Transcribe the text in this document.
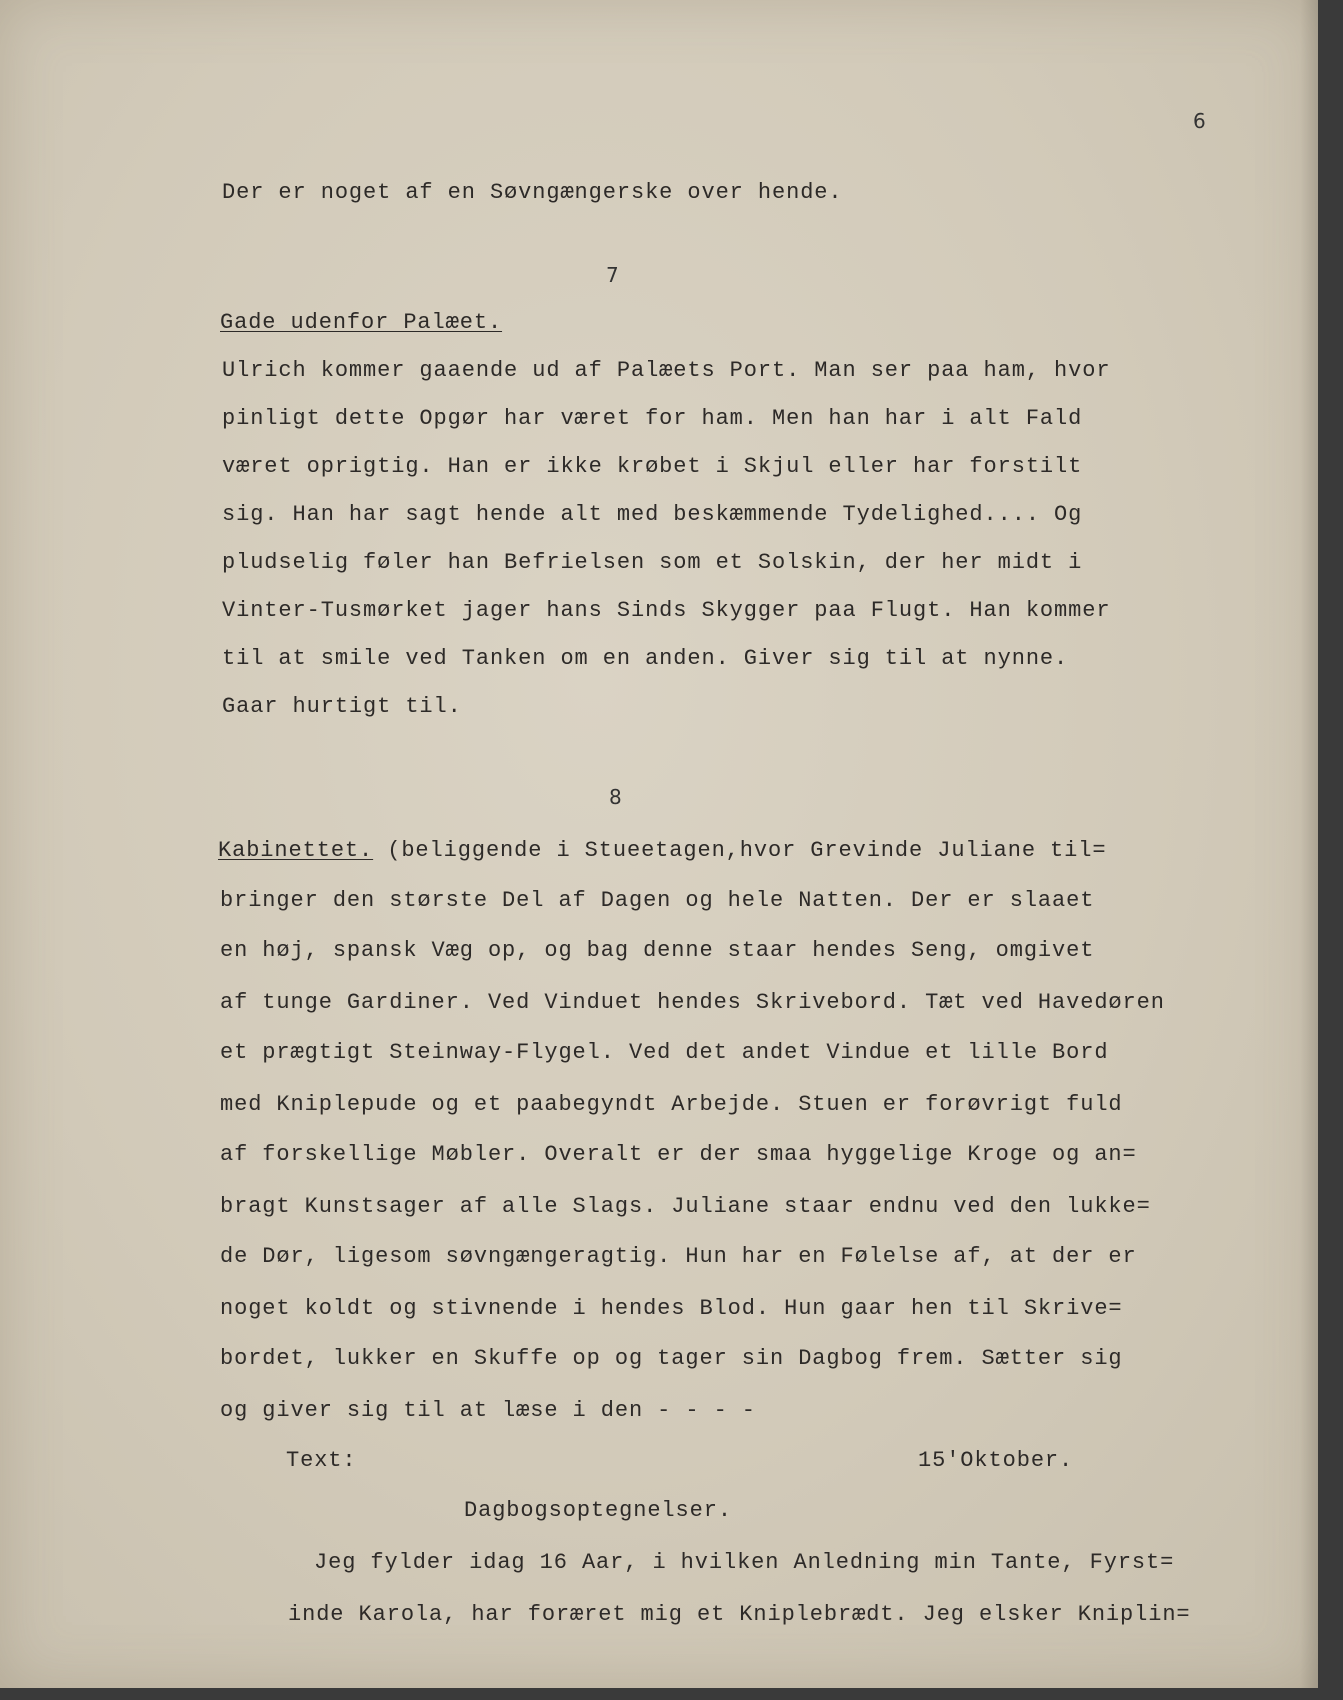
6
Der er noget af en Søvngængerske over hende.
7
Gade udenfor Palæet.
Ulrich kommer gaaende ud af Palæets Port. Man ser paa ham, hvor
pinligt dette Opgør har været for ham. Men han har i alt Fald
været oprigtig. Han er ikke krøbet i Skjul eller har forstilt
sig. Han har sagt hende alt med beskæmmende Tydelighed.... Og
pludselig føler han Befrielsen som et Solskin, der her midt i
Vinter-Tusmørket jager hans Sinds Skygger paa Flugt. Han kommer
til at smile ved Tanken om en anden. Giver sig til at nynne.
Gaar hurtigt til.
8
Kabinettet. (beliggende i Stueetagen,hvor Grevinde Juliane til=
bringer den største Del af Dagen og hele Natten. Der er slaaet
en høj, spansk Væg op, og bag denne staar hendes Seng, omgivet
af tunge Gardiner. Ved Vinduet hendes Skrivebord. Tæt ved Havedøren
et prægtigt Steinway-Flygel. Ved det andet Vindue et lille Bord
med Kniplepude og et paabegyndt Arbejde. Stuen er forøvrigt fuld
af forskellige Møbler. Overalt er der smaa hyggelige Kroge og an=
bragt Kunstsager af alle Slags. Juliane staar endnu ved den lukke=
de Dør, ligesom søvngængeragtig. Hun har en Følelse af, at der er
noget koldt og stivnende i hendes Blod. Hun gaar hen til Skrive=
bordet, lukker en Skuffe op og tager sin Dagbog frem. Sætter sig
og giver sig til at læse i den - - - -
Text:	15'Oktober.
Dagbogsoptegnelser.
Jeg fylder idag 16 Aar, i hvilken Anledning min Tante, Fyrst=
inde Karola, har foræret mig et Kniplebrædt. Jeg elsker Kniplin=
